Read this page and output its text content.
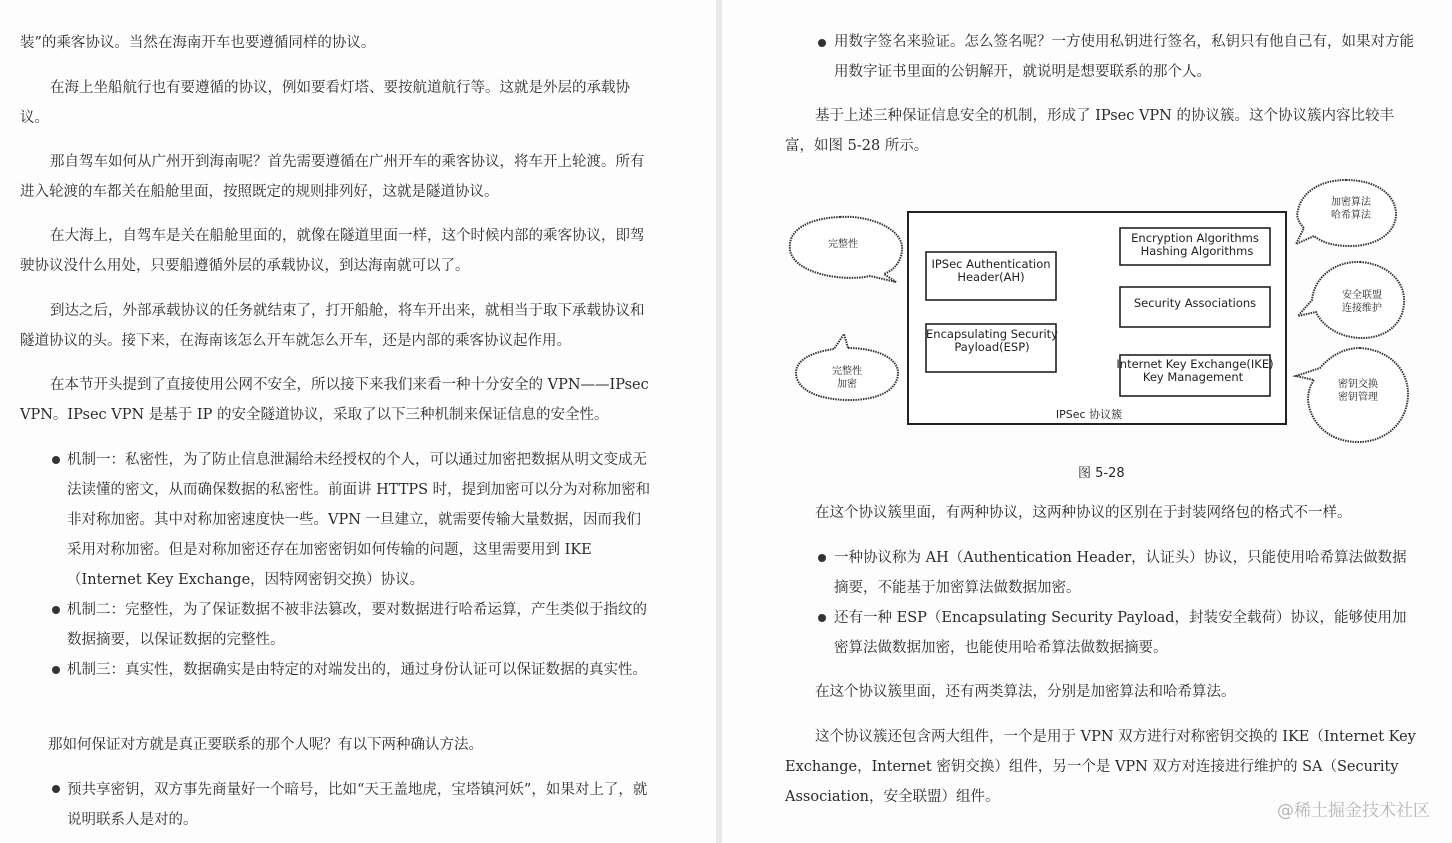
装”的乘客协议。当然在海南开车也要遵循同样的协议。

在海上坐船航行也有要遵循的协议，例如要看灯塔、要按航道航行等。这就是外层的承载协议。

那自驾车如何从广州开到海南呢？首先需要遵循在广州开车的乘客协议，将车开上轮渡。所有进入轮渡的车都关在船舱里面，按照既定的规则排列好，这就是隧道协议。

在大海上，自驾车是关在船舱里面的，就像在隧道里面一样，这个时候内部的乘客协议，即驾驶协议没什么用处，只要船遵循外层的承载协议，到达海南就可以了。

到达之后，外部承载协议的任务就结束了，打开船舱，将车开出来，就相当于取下承载协议和隧道协议的头。接下来，在海南该怎么开车就怎么开车，还是内部的乘客协议起作用。

在本节开头提到了直接使用公网不安全，所以接下来我们来看一种十分安全的 VPN——IPsec VPN。IPsec VPN 是基于 IP 的安全隧道协议，采取了以下三种机制来保证信息的安全性。

机制一：私密性，为了防止信息泄漏给未经授权的个人，可以通过加密把数据从明文变成无法读懂的密文，从而确保数据的私密性。前面讲 HTTPS 时，提到加密可以分为对称加密和非对称加密。其中对称加密速度快一些。VPN 一旦建立，就需要传输大量数据，因而我们采用对称加密。但是对称加密还存在加密密钥如何传输的问题，这里需要用到 IKE（Internet Key Exchange，因特网密钥交换）协议。
机制二：完整性，为了保证数据不被非法篡改，要对数据进行哈希运算，产生类似于指纹的数据摘要，以保证数据的完整性。
机制三：真实性，数据确实是由特定的对端发出的，通过身份认证可以保证数据的真实性。

那如何保证对方就是真正要联系的那个人呢？有以下两种确认方法。

预共享密钥，双方事先商量好一个暗号，比如“天王盖地虎，宝塔镇河妖”，如果对上了，就说明联系人是对的。
用数字签名来验证。怎么签名呢？一方使用私钥进行签名，私钥只有他自己有，如果对方能用数字证书里面的公钥解开，就说明是想要联系的那个人。

基于上述三种保证信息安全的机制，形成了 IPsec VPN 的协议簇。这个协议簇内容比较丰富，如图 5-28 所示。

IPSec 协议簇
IPSec Authentication
Header(AH)
Encapsulating Security
Payload(ESP)
Encryption Algorithms
Hashing Algorithms
Security Associations
Internet Key Exchange(IKE)
Key Management
完整性
完整性
加密
加密算法
哈希算法
安全联盟
连接维护
密钥交换
密钥管理
图 5-28

在这个协议簇里面，有两种协议，这两种协议的区别在于封装网络包的格式不一样。

一种协议称为 AH（Authentication Header，认证头）协议，只能使用哈希算法做数据摘要，不能基于加密算法做数据加密。
还有一种 ESP（Encapsulating Security Payload，封装安全载荷）协议，能够使用加密算法做数据加密，也能使用哈希算法做数据摘要。

在这个协议簇里面，还有两类算法，分别是加密算法和哈希算法。

这个协议簇还包含两大组件，一个是用于 VPN 双方进行对称密钥交换的 IKE（Internet Key Exchange，Internet 密钥交换）组件，另一个是 VPN 双方对连接进行维护的 SA（Security Association，安全联盟）组件。

@稀土掘金技术社区
